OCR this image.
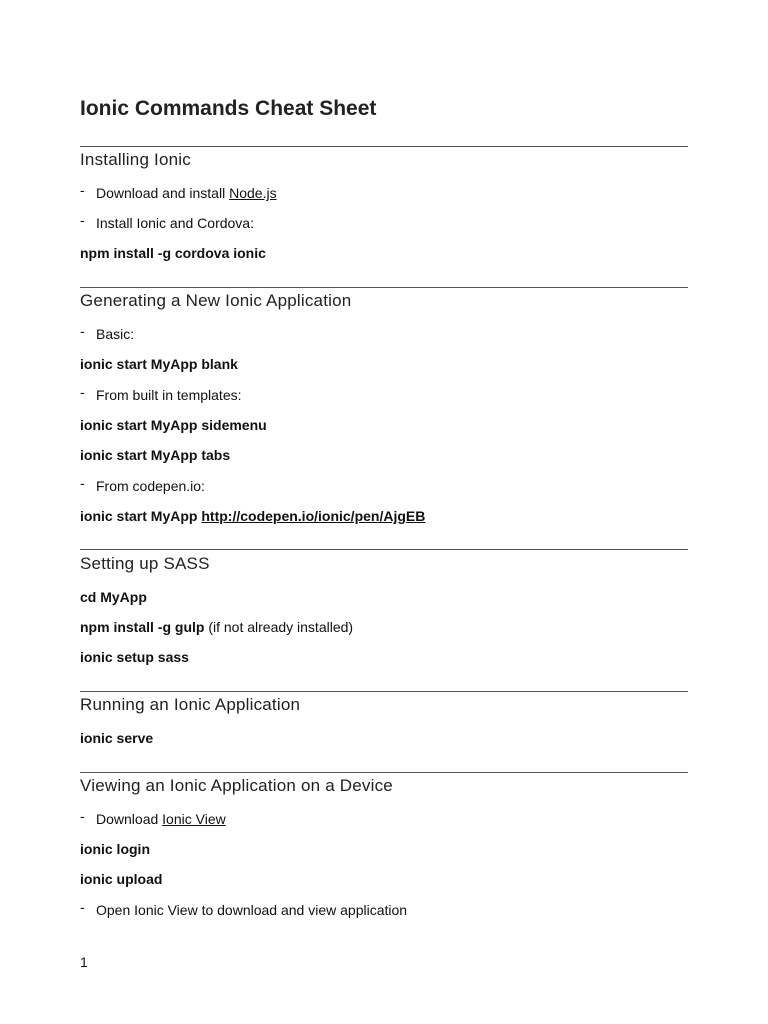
Ionic Commands Cheat Sheet
Installing Ionic
- Download and install Node.js
- Install Ionic and Cordova:
npm install -g cordova ionic
Generating a New Ionic Application
- Basic:
ionic start MyApp blank
- From built in templates:
ionic start MyApp sidemenu
ionic start MyApp tabs
- From codepen.io:
ionic start MyApp http://codepen.io/ionic/pen/AjgEB
Setting up SASS
cd MyApp
npm install -g gulp (if not already installed)
ionic setup sass
Running an Ionic Application
ionic serve
Viewing an Ionic Application on a Device
- Download Ionic View
ionic login
ionic upload
- Open Ionic View to download and view application
1
